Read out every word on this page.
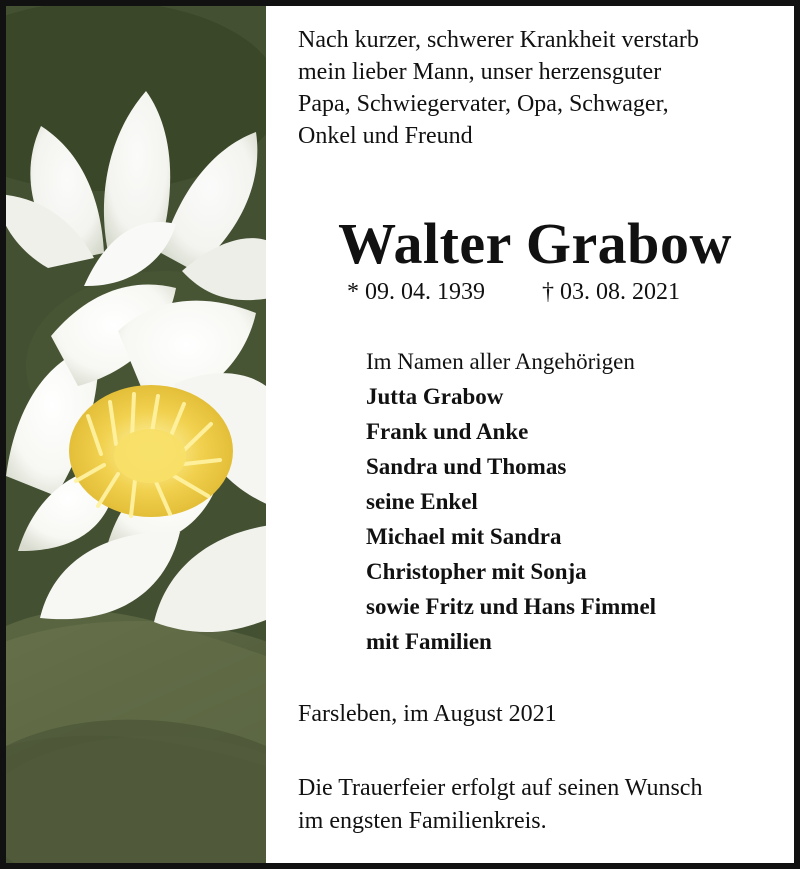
Nach kurzer, schwerer Krankheit verstarb
mein lieber Mann, unser herzensguter
Papa, Schwiegervater, Opa, Schwager,
Onkel und Freund

Walter Grabow
* 09. 04. 1939 † 03. 08. 2021
Im Namen aller Angehörigen
Jutta Grabow
Frank und Anke
Sandra und Thomas
seine Enkel
Michael mit Sandra
Christopher mit Sonja
sowie Fritz und Hans Fimmel
mit Familien
Farsleben, im August 2021
Die Trauerfeier erfolgt auf seinen Wunsch
im engsten Familienkreis.
